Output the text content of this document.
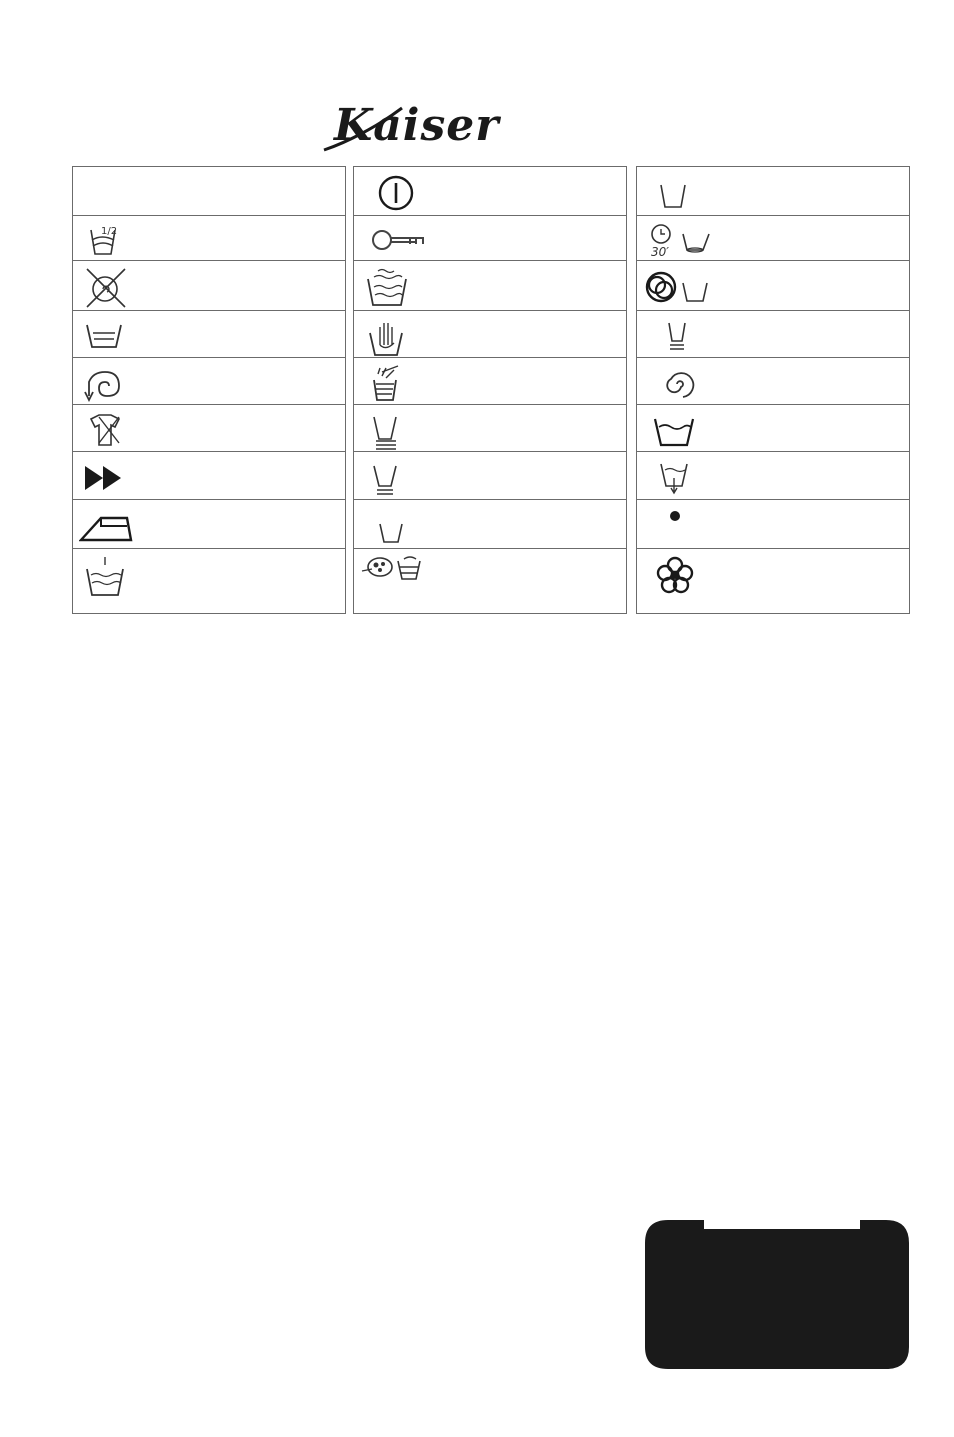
Kaiser

1/2

30′
